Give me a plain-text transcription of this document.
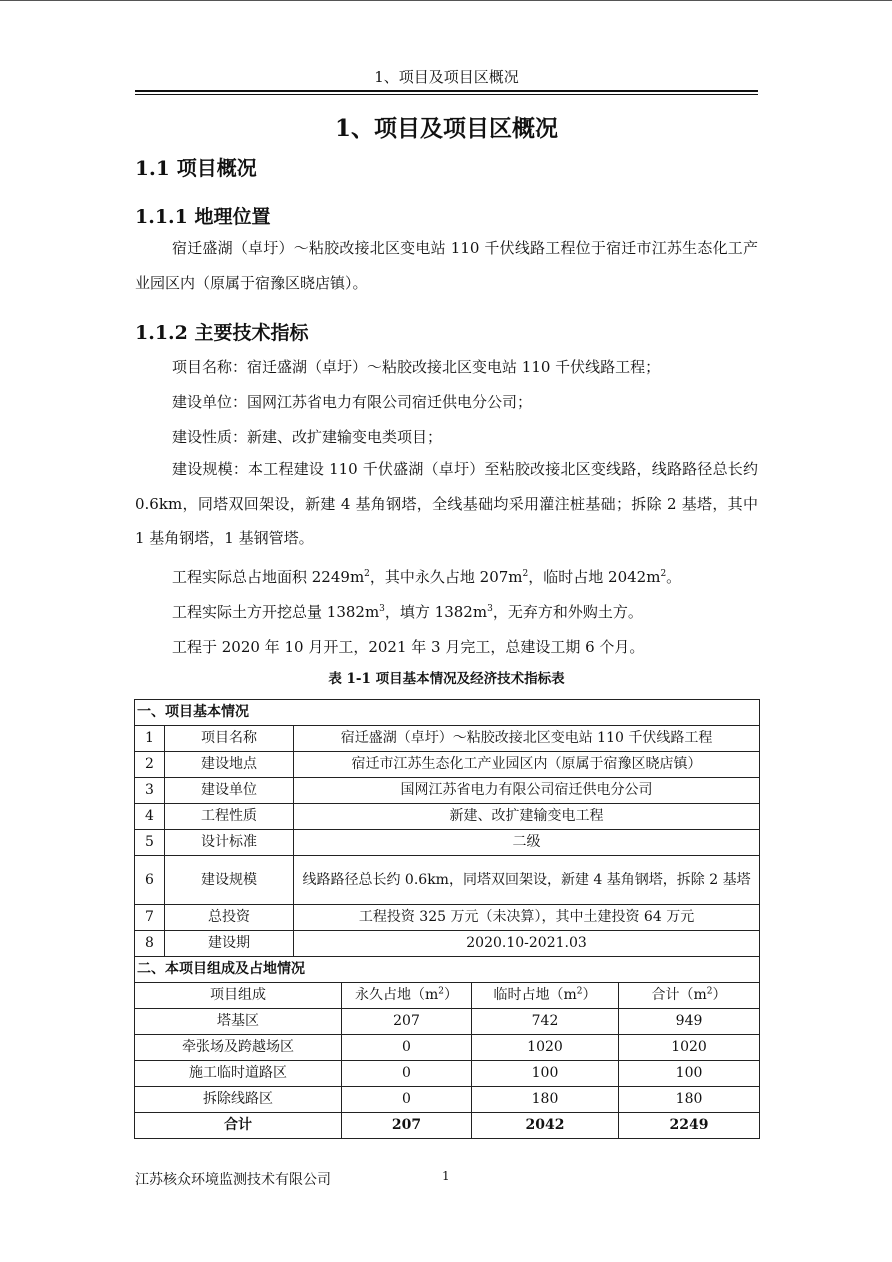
1、项目及项目区概况
1、项目及项目区概况
1.1 项目概况
1.1.1 地理位置
宿迁盛湖（卓圩）～粘胶改接北区变电站 110 千伏线路工程位于宿迁市江苏生态化工产业园区内（原属于宿豫区晓店镇）。
1.1.2 主要技术指标
项目名称：宿迁盛湖（卓圩）～粘胶改接北区变电站 110 千伏线路工程；
建设单位：国网江苏省电力有限公司宿迁供电分公司；
建设性质：新建、改扩建输变电类项目；
建设规模：本工程建设 110 千伏盛湖（卓圩）至粘胶改接北区变线路，线路路径总长约 0.6km，同塔双回架设，新建 4 基角钢塔，全线基础均采用灌注桩基础；拆除 2 基塔，其中 1 基角钢塔，1 基钢管塔。
工程实际总占地面积 $2249m^2$，其中永久占地 $207m^2$，临时占地 $2042m^2$。
工程实际土方开挖总量 $1382m^3$，填方 $1382m^3$，无弃方和外购土方。
工程于 2020 年 10 月开工，2021 年 3 月完工，总建设工期 6 个月。
表 1-1 项目基本情况及经济技术指标表
一、项目基本情况					
1	项目名称	宿迁盛湖（卓圩）～粘胶改接北区变电站 110 千伏线路工程			
2	建设地点	宿迁市江苏生态化工产业园区内（原属于宿豫区晓店镇）			
3	建设单位	国网江苏省电力有限公司宿迁供电分公司			
4	工程性质	新建、改扩建输变电工程			
5	设计标准	二级			
6	建设规模	线路路径总长约 0.6km，同塔双回架设，新建 4 基角钢塔，拆除 2 基塔			
7	总投资	工程投资 325 万元（未决算），其中土建投资 64 万元			
8	建设期	2020.10-2021.03			
二、本项目组成及占地情况					
项目组成			永久占地$(m^2)$	临时占地$(m^2)$	合计$(m^2)$
塔基区			207	742	949
牵张场及跨越场区			0	1020	1020
施工临时道路区			0	100	100
拆除线路区			0	180	180
合计			207	2042	2249
江苏核众环境监测技术有限公司	1
